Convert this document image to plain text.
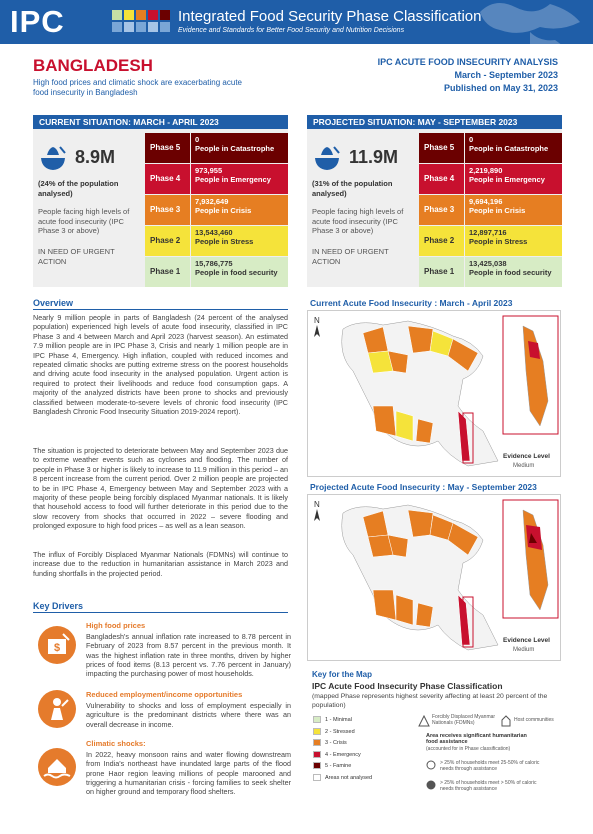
IPC	Integrated Food Security Phase Classification
Evidence and Standards for Better Food Security and Nutrition Decisions
BANGLADESH
High food prices and climatic shock are exacerbating acute food insecurity in Bangladesh
IPC ACUTE FOOD INSECURITY ANALYSIS
March - September 2023
Published on May 31, 2023
CURRENT SITUATION: MARCH - APRIL 2023
8.9M
(24% of the population analysed)
People facing high levels of acute food insecurity (IPC Phase 3 or above)
IN NEED OF URGENT ACTION
Phase 5
0
People in Catastrophe
Phase 4
973,955
People in Emergency
Phase 3
7,932,649
People in Crisis
Phase 2
13,543,460
People in Stress
Phase 1
15,786,775
People in food security
PROJECTED SITUATION: MAY - SEPTEMBER 2023
11.9M
(31% of the population analysed)
People facing high levels of acute food insecurity (IPC Phase 3 or above)
IN NEED OF URGENT ACTION
Phase 5
0
People in Catastrophe
Phase 4
2,219,890
People in Emergency
Phase 3
9,694,196
People in Crisis
Phase 2
12,897,716
People in Stress
Phase 1
13,425,038
People in food security
Overview
Nearly 9 million people in parts of Bangladesh (24 percent of the analysed population) experienced high levels of acute food insecurity, classified in IPC Phase 3 and 4 between March and April 2023 (harvest season). An estimated 7.9 million people are in IPC Phase 3, Crisis and nearly 1 million people are in IPC Phase 4, Emergency. High inflation, coupled with reduced incomes and repeated climatic shocks are putting extreme stress on the poorest households and driving acute food insecurity in the analysed population. Urgent action is required to protect their livelihoods and reduce food consumption gaps. A majority of the analyzed districts have been prone to shocks and previously classified between moderate-to-severe levels of chronic food insecurity (IPC Bangladesh Chronic Food Insecurity Situation 2019-2024 report).
The situation is projected to deteriorate between May and September 2023 due to extreme weather events such as cyclones and flooding. The number of people in Phase 3 or higher is likely to increase to 11.9 million in this period – an 8 percent increase from the current period. Over 2 million people are projected to be in IPC Phase 4, Emergency between May and September 2023 with a majority of these people being forcibly displaced Myanmar nationals. It is likely that household access to food will further deteriorate in this period due to the slow recovery from shocks that occurred in 2022 – severe flooding and prolonged exposure to high food prices – as well as a lean season.
The influx of Forcibly Displaced Myanmar Nationals (FDMNs) will continue to increase due to the reduction in humanitarian assistance in March 2023 and funding shortfalls in the projected period.
Key Drivers
$
High food prices
Bangladesh's annual inflation rate increased to 8.78 percent in February of 2023 from 8.57 percent in the previous month. It was the highest inflation rate in three months, driven by higher prices of food items (8.13 percent vs. 7.76 percent in January) impacting the purchasing power of most households.
Reduced employment/income opportunities
Vulnerability to shocks and loss of employment especially in agriculture is the predominant districts where there was an overall decrease in income.
Climatic shocks:
In 2022, heavy monsoon rains and water flowing downstream from India's northeast have inundated large parts of the flood prone Haor region leaving millions of people marooned and triggering a humanitarian crisis - forcing families to seek shelter on higher ground and temporary flood shelters.
Current Acute Food Insecurity : March - April 2023
N
Evidence Level
Medium
Projected Acute Food Insecurity : May - September 2023
N
Evidence Level
Medium
Key for the Map
IPC Acute Food Insecurity Phase Classification
(mapped Phase represents highest severity affecting at least 20 percent of the population)
1 - Minimal
2 - Stressed
3 - Crisis
4 - Emergency
5 - Famine
Areas not analysed
Forcibly Displaced Myanmar Nationals (FDMNs)	Host communities
Area receives significant humanitarian food assistance
(accounted for in Phase classification)
> 25% of households meet 25-50% of caloric needs through assistance
> 25% of households meet > 50% of caloric needs through assistance
